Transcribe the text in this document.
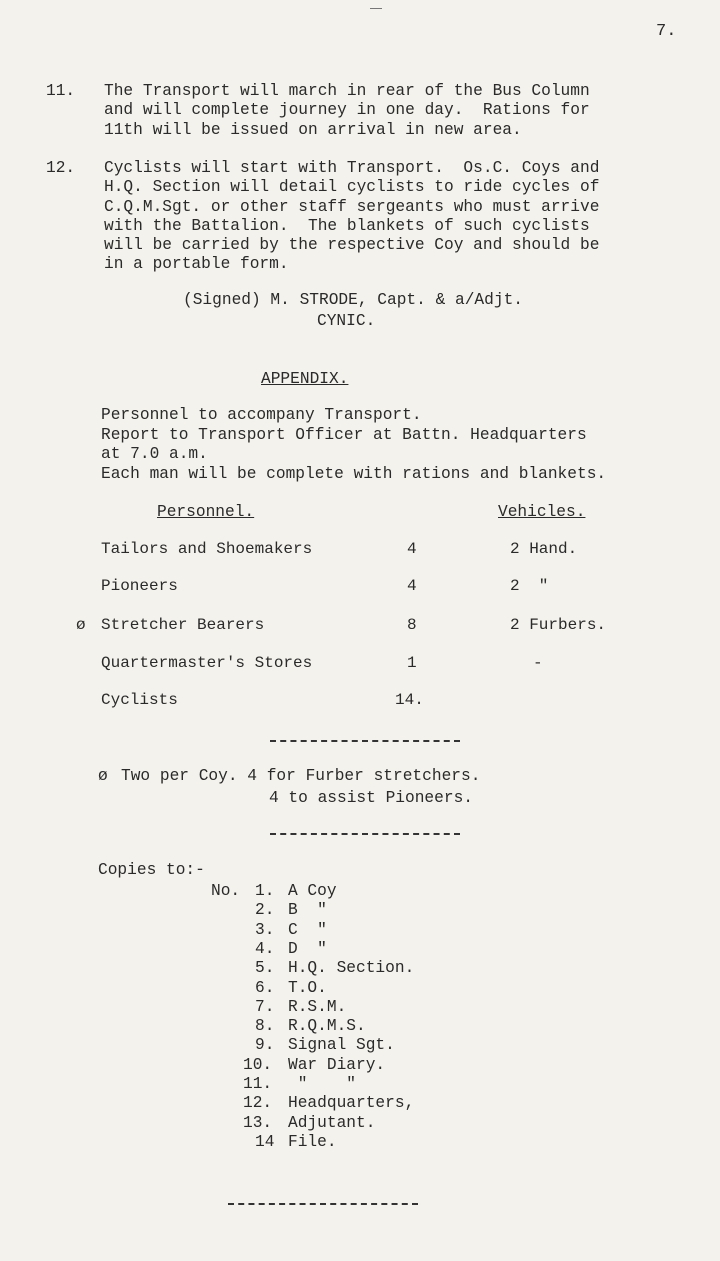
7.
11. The Transport will march in rear of the Bus Column
and will complete journey in one day.  Rations for
11th will be issued on arrival in new area.
12. Cyclists will start with Transport.  Os.C. Coys and
H.Q. Section will detail cyclists to ride cycles of
C.Q.M.Sgt. or other staff sergeants who must arrive
with the Battalion.  The blankets of such cyclists
will be carried by the respective Coy and should be
in a portable form.
(Signed) M. STRODE, Capt. & a/Adjt.
CYNIC.
APPENDIX.
Personnel to accompany Transport.
Report to Transport Officer at Battn. Headquarters
at 7.0 a.m.
Each man will be complete with rations and blankets.
Personnel.	Vehicles.
Tailors and Shoemakers	4	2 Hand.
Pioneers	4	2  "
ø Stretcher Bearers	8	2 Furbers.
Quartermaster's Stores	1	-
Cyclists	14.
ø Two per Coy. 4 for Furber stretchers.
4 to assist Pioneers.
Copies to:-
No. 1. A Coy
2. B  "
3. C  "
4. D  "
5. H.Q. Section.
6. T.O.
7. R.S.M.
8. R.Q.M.S.
9. Signal Sgt.
10. War Diary.
11. "    "
12. Headquarters,
13. Adjutant.
14 File.
